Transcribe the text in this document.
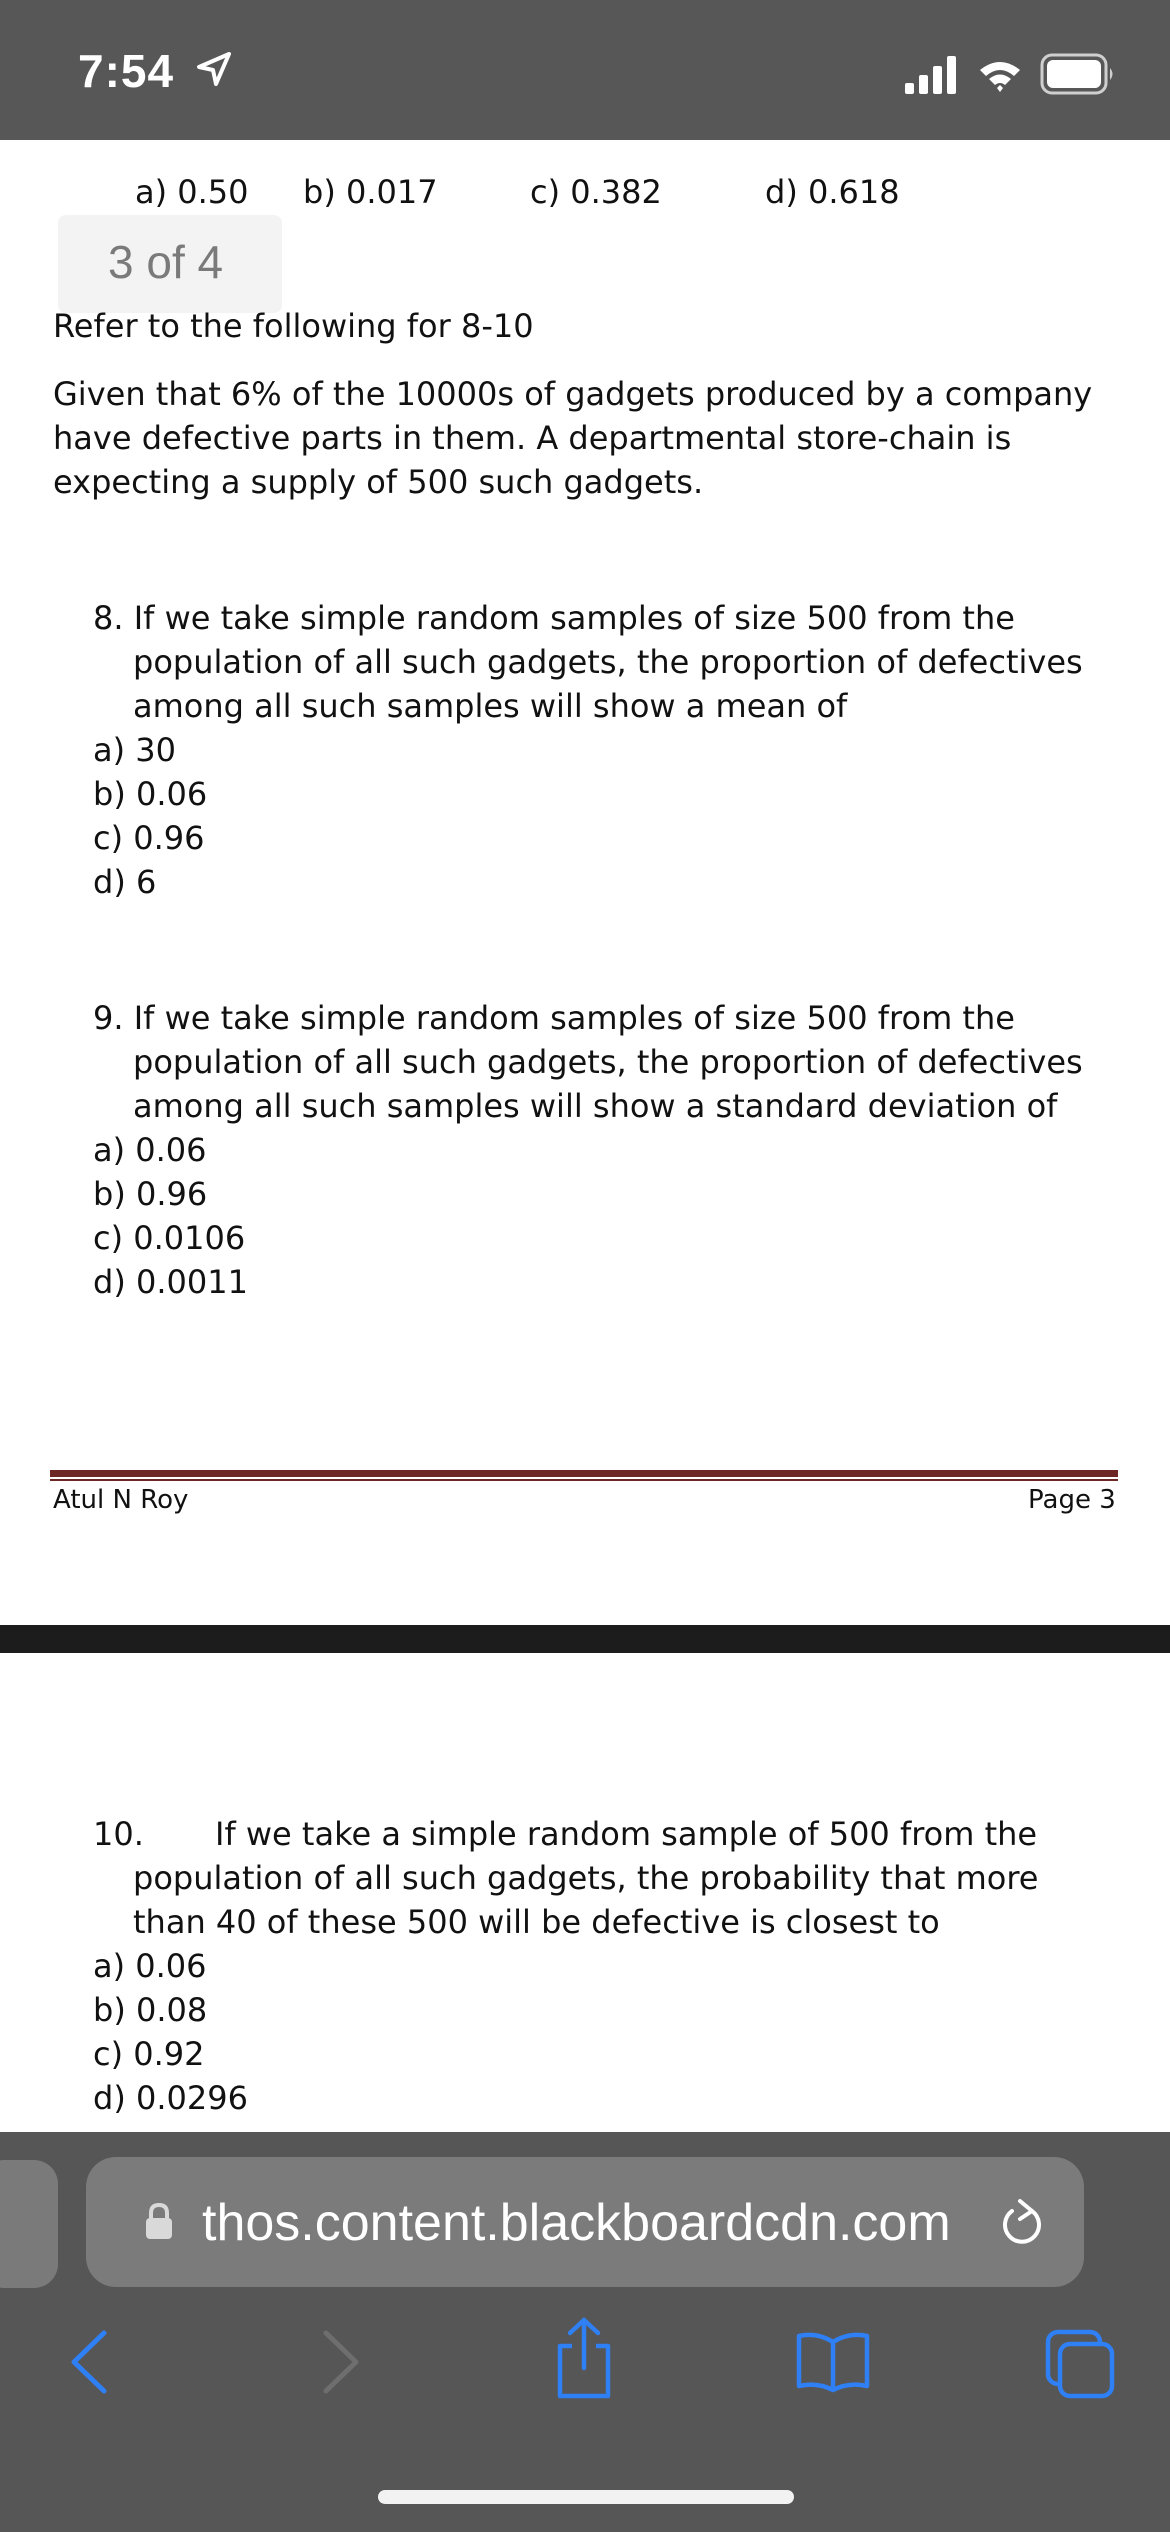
7:54
a) 0.50 b) 0.017	c) 0.382	d) 0.618
3 of 4
Refer to the following for 8-10
Given that 6% of the 10000s of gadgets produced by a company
have defective parts in them. A departmental store-chain is
expecting a supply of 500 such gadgets.
8. If we take simple random samples of size 500 from the
population of all such gadgets, the proportion of defectives
among all such samples will show a mean of
a) 30
b) 0.06
c) 0.96
d) 6
9. If we take simple random samples of size 500 from the
population of all such gadgets, the proportion of defectives
among all such samples will show a standard deviation of
a) 0.06
b) 0.96
c) 0.0106
d) 0.0011
Atul N Roy	Page 3
10. If we take a simple random sample of 500 from the
population of all such gadgets, the probability that more
than 40 of these 500 will be defective is closest to
a) 0.06
b) 0.08
c) 0.92
d) 0.0296
thos.content.blackboardcdn.com
